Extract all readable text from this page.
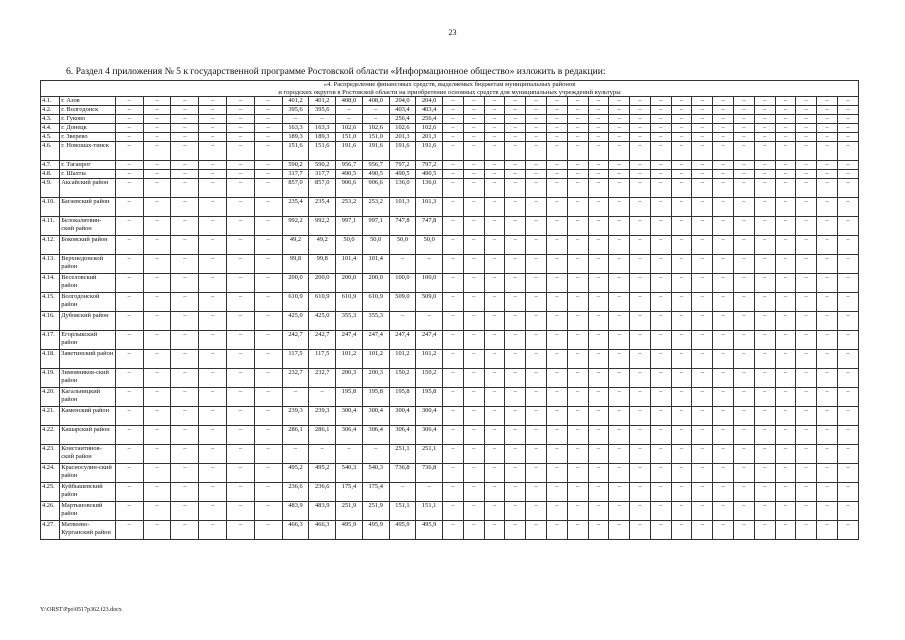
23
6. Раздел 4 приложения № 5 к государственной программе Ростовской области «Информационное общество» изложить в редакции:
«4. Распределение финансовых средств, выделяемых бюджетам муниципальных районов
и городских округов в Ростовской области на приобретение основных средств для муниципальных учреждений культуры																																	
4.1.	г. Азов	–	–	–	–	–	–	401,2	401,2	408,0	408,0	204,0	204,0	–	–	–	–	–	–	–	–	–	–	–	–	–	–	–	–	–	–	–	–
4.2.	г. Волгодонск	–	–	–	–	–	–	395,6	395,6	–	–	403,4	403,4	–	–	–	–	–	–	–	–	–	–	–	–	–	–	–	–	–	–	–	–
4.3.	г. Гуково	–	–	–	–	–	–	–	–	–	–	256,4	256,4	–	–	–	–	–	–	–	–	–	–	–	–	–	–	–	–	–	–	–	–
4.4.	г. Донецк	–	–	–	–	–	–	163,3	163,3	102,6	102,6	102,6	102,6	–	–	–	–	–	–	–	–	–	–	–	–	–	–	–	–	–	–	–	–
4.5.	г. Зверево	–	–	–	–	–	–	189,3	189,3	151,0	151,0	201,3	201,3	–	–	–	–	–	–	–	–	–	–	–	–	–	–	–	–	–	–	–	–
4.6.	г. Новошах-тинск	–	–	–	–	–	–	151,6	151,6	191,6	191,6	191,6	191,6	–	–	–	–	–	–	–	–	–	–	–	–	–	–	–	–	–	–	–	–
4.7.	г. Таганрог	–	–	–	–	–	–	590,2	590,2	956,7	956,7	797,2	797,2	–	–	–	–	–	–	–	–	–	–	–	–	–	–	–	–	–	–	–	–
4.8.	г. Шахты	–	–	–	–	–	–	317,7	317,7	490,5	490,5	490,5	490,5	–	–	–	–	–	–	–	–	–	–	–	–	–	–	–	–	–	–	–	–
4.9.	Аксайский район	–	–	–	–	–	–	857,0	857,0	906,6	906,6	136,0	136,0	–	–	–	–	–	–	–	–	–	–	–	–	–	–	–	–	–	–	–	–
4.10.	Багаевский район	–	–	–	–	–	–	235,4	235,4	253,2	253,2	101,3	101,3	–	–	–	–	–	–	–	–	–	–	–	–	–	–	–	–	–	–	–	–
4.11.	Белокалитвин-ский район	–	–	–	–	–	–	992,2	992,2	997,1	997,1	747,8	747,8	–	–	–	–	–	–	–	–	–	–	–	–	–	–	–	–	–	–	–	–
4.12.	Боковский район	–	–	–	–	–	–	49,2	49,2	50,0	50,0	50,0	50,0	–	–	–	–	–	–	–	–	–	–	–	–	–	–	–	–	–	–	–	–
4.13.	Верхнедонской район	–	–	–	–	–	–	99,8	99,8	101,4	101,4	–	–	–	–	–	–	–	–	–	–	–	–	–	–	–	–	–	–	–	–	–	–
4.14.	Веселовский район	–	–	–	–	–	–	200,0	200,0	200,0	200,0	100,0	100,0	–	–	–	–	–	–	–	–	–	–	–	–	–	–	–	–	–	–	–	–
4.15.	Волгодонской район	–	–	–	–	–	–	610,9	610,9	610,9	610,9	509,0	509,0	–	–	–	–	–	–	–	–	–	–	–	–	–	–	–	–	–	–	–	–
4.16.	Дубовский район	–	–	–	–	–	–	425,0	425,0	355,3	355,3	–	–	–	–	–	–	–	–	–	–	–	–	–	–	–	–	–	–	–	–	–	–
4.17.	Егорлыкский район	–	–	–	–	–	–	242,7	242,7	247,4	247,4	247,4	247,4	–	–	–	–	–	–	–	–	–	–	–	–	–	–	–	–	–	–	–	–
4.18.	Заветинский район	–	–	–	–	–	–	117,5	117,5	101,2	101,2	101,2	101,2	–	–	–	–	–	–	–	–	–	–	–	–	–	–	–	–	–	–	–	–
4.19.	Зимовников-ский район	–	–	–	–	–	–	232,7	232,7	200,3	200,3	150,2	150,2	–	–	–	–	–	–	–	–	–	–	–	–	–	–	–	–	–	–	–	–
4.20.	Кагальницкий район	–	–	–	–	–	–	–	–	195,8	195,8	195,8	195,8	–	–	–	–	–	–	–	–	–	–	–	–	–	–	–	–	–	–	–	–
4.21.	Каменский район	–	–	–	–	–	–	239,3	239,3	300,4	300,4	300,4	300,4	–	–	–	–	–	–	–	–	–	–	–	–	–	–	–	–	–	–	–	–
4.22.	Кашарский район	–	–	–	–	–	–	286,1	286,1	306,4	306,4	306,4	306,4	–	–	–	–	–	–	–	–	–	–	–	–	–	–	–	–	–	–	–	–
4.23.	Константинов-ский район	–	–	–	–	–	–	–	–	–	–	251,1	251,1	–	–	–	–	–	–	–	–	–	–	–	–	–	–	–	–	–	–	–	–
4.24.	Красносулин-ский район	–	–	–	–	–	–	495,2	495,2	540,3	540,3	736,8	736,8	–	–	–	–	–	–	–	–	–	–	–	–	–	–	–	–	–	–	–	–
4.25.	Куйбышевский район	–	–	–	–	–	–	236,6	236,6	175,4	175,4	–	–	–	–	–	–	–	–	–	–	–	–	–	–	–	–	–	–	–	–	–	–
4.26.	Мартыновский район	–	–	–	–	–	–	483,9	483,9	251,9	251,9	151,1	151,1	–	–	–	–	–	–	–	–	–	–	–	–	–	–	–	–	–	–	–	–
4.27.	Матвеево-Курганский район	–	–	–	–	–	–	466,3	466,3	495,9	495,9	495,9	495,9	–	–	–	–	–	–	–	–	–	–	–	–	–	–	–	–	–	–	–	–
Y:\ORST\Ppo\0517p362.f23.docx
